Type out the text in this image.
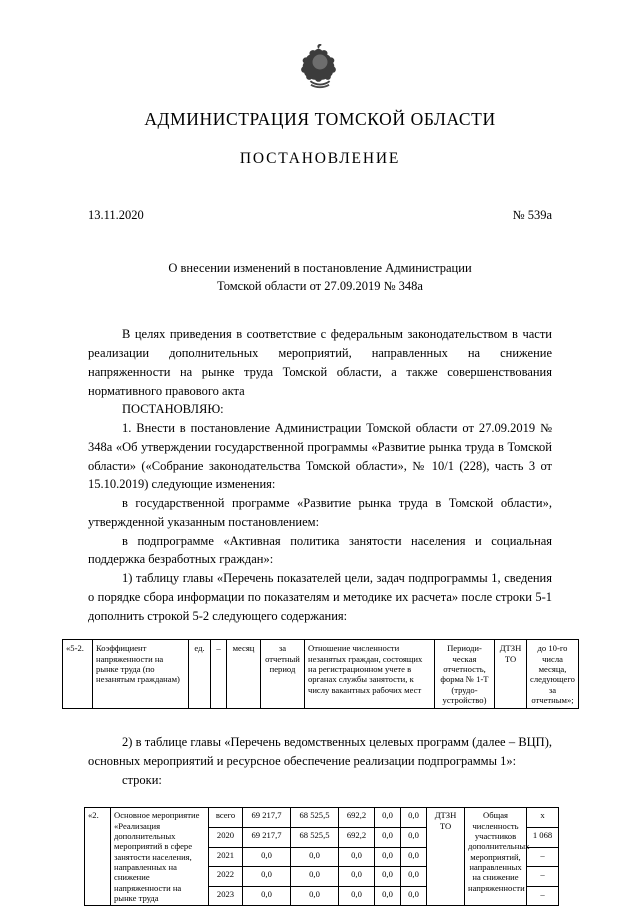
АДМИНИСТРАЦИЯ ТОМСКОЙ ОБЛАСТИ
ПОСТАНОВЛЕНИЕ
13.11.2020	№ 539а
О внесении изменений в постановление Администрации
Томской области от 27.09.2019 № 348а

В целях приведения в соответствие с федеральным законодательством в части реализации дополнительных мероприятий, направленных на снижение напряженности на рынке труда Томской области, а также совершенствования нормативного правового акта

ПОСТАНОВЛЯЮ:

1. Внести в постановление Администрации Томской области от 27.09.2019 № 348а «Об утверждении государственной программы «Развитие рынка труда в Томской области» («Собрание законодательства Томской области», № 10/1 (228), часть 3 от 15.10.2019) следующие изменения:

в государственной программе «Развитие рынка труда в Томской области», утвержденной указанным постановлением:

в подпрограмме «Активная политика занятости населения и социальная поддержка безработных граждан»:

1) таблицу главы «Перечень показателей цели, задач подпрограммы 1, сведения о порядке сбора информации по показателям и методике их расчета» после строки 5-1 дополнить строкой 5-2 следующего содержания:

«5-2.	Коэффициент напряженности на рынке труда (по незанятым гражданам)	ед.	–	месяц	за отчетный период	Отношение численности незанятых граждан, состоящих на регистрационном учете в органах службы занятости, к числу вакантных рабочих мест	Периоди-ческая отчетность, форма № 1-Т (трудо-устройство)	ДТЗН ТО	до 10-го числа месяца, следующего за отчетным»;

2) в таблице главы «Перечень ведомственных целевых программ (далее – ВЦП), основных мероприятий и ресурсное обеспечение реализации подпрограммы 1»:

строки:

«2.	Основное мероприятие «Реализация дополнительных мероприятий в сфере занятости населения, направленных на снижение напряженности на рынке труда	всего	69 217,7	68 525,5	692,2	0,0	0,0	ДТЗН ТО	Общая численность участников дополнительных мероприятий, направленных на снижение напряженности	х
		2020	69 217,7	68 525,5	692,2	0,0	0,0			1 068
		2021	0,0	0,0	0,0	0,0	0,0			–
		2022	0,0	0,0	0,0	0,0	0,0			–
		2023	0,0	0,0	0,0	0,0	0,0			–
